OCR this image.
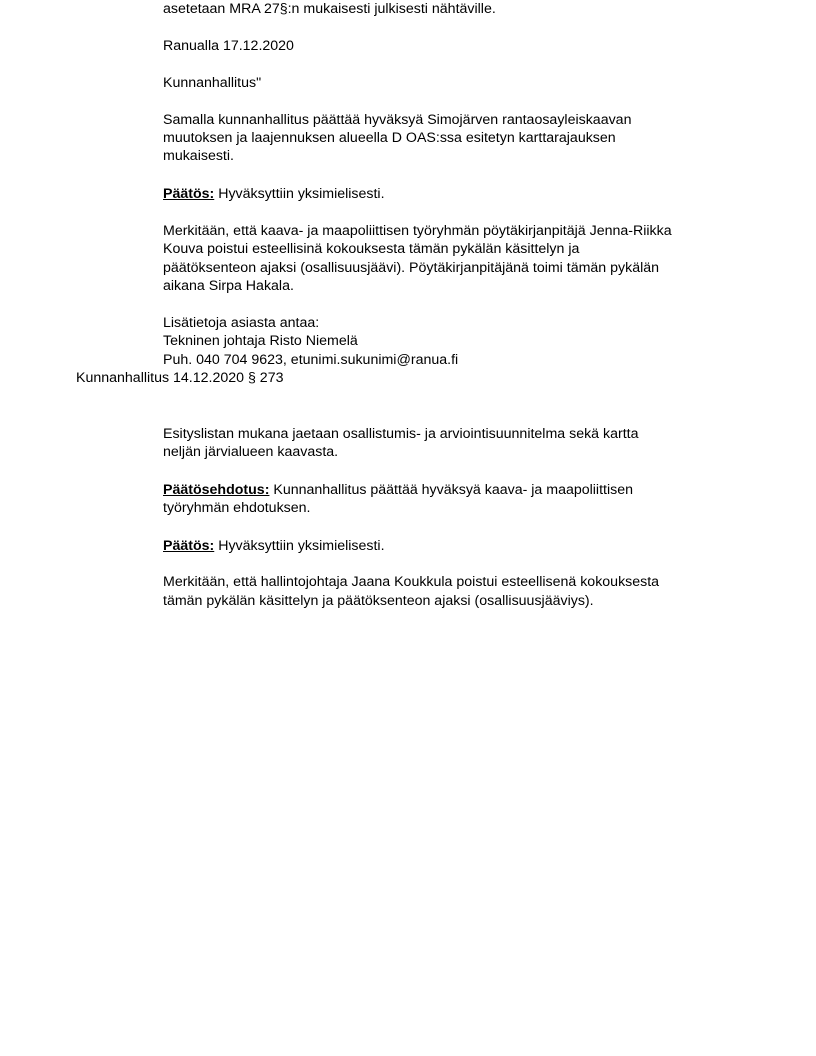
asetetaan MRA 27§:n mukaisesti julkisesti nähtäville.
Ranualla 17.12.2020
Kunnanhallitus"
Samalla kunnanhallitus päättää hyväksyä Simojärven rantaosayleiskaavan
muutoksen ja laajennuksen alueella D OAS:ssa esitetyn karttarajauksen
mukaisesti.
Päätös: Hyväksyttiin yksimielisesti.
Merkitään, että kaava- ja maapoliittisen työryhmän pöytäkirjanpitäjä Jenna-Riikka
Kouva poistui esteellisinä kokouksesta tämän pykälän käsittelyn ja
päätöksenteon ajaksi (osallisuusjäävi). Pöytäkirjanpitäjänä toimi tämän pykälän
aikana Sirpa Hakala.
Lisätietoja asiasta antaa:
Tekninen johtaja Risto Niemelä
Puh. 040 704 9623, etunimi.sukunimi@ranua.fi
Kunnanhallitus 14.12.2020 § 273
Esityslistan mukana jaetaan osallistumis- ja arviointisuunnitelma sekä kartta
neljän järvialueen kaavasta.
Päätösehdotus: Kunnanhallitus päättää hyväksyä kaava- ja maapoliittisen
työryhmän ehdotuksen.
Päätös: Hyväksyttiin yksimielisesti.
Merkitään, että hallintojohtaja Jaana Koukkula poistui esteellisenä kokouksesta
tämän pykälän käsittelyn ja päätöksenteon ajaksi (osallisuusjääviys).
